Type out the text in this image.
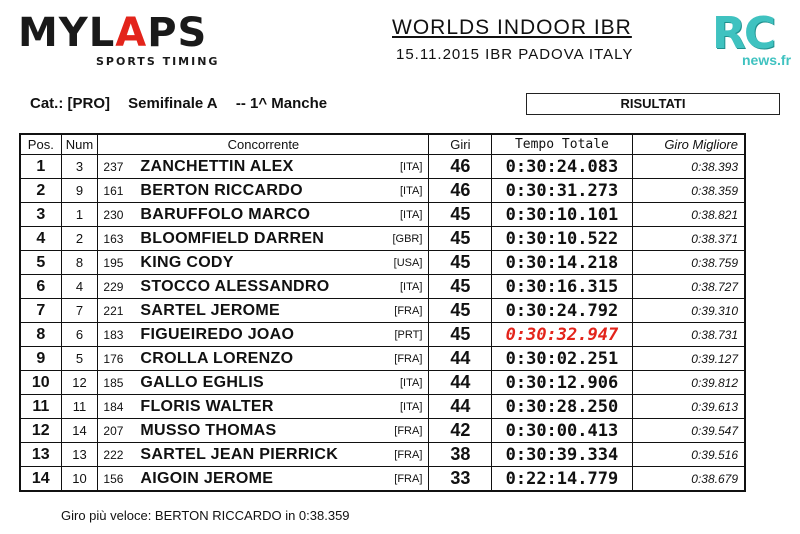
MYLAPS
SPORTS TIMING
WORLDS INDOOR IBR
15.11.2015 IBR PADOVA ITALY RC
news.fr
Cat.: [PRO] Semifinale A -- 1^ Manche	RISULTATI
Pos.	Num	Concorrente	Giri	Tempo Totale	Giro Migliore
1	3	237 ZANCHETTIN ALEX [ITA]	46	0:30:24.083	0:38.393
2	9	161 BERTON RICCARDO [ITA]	46	0:30:31.273	0:38.359
3	1	230 BARUFFOLO MARCO [ITA]	45	0:30:10.101	0:38.821
4	2	163 BLOOMFIELD DARREN [GBR]	45	0:30:10.522	0:38.371
5	8	195 KING CODY [USA]	45	0:30:14.218	0:38.759
6	4	229 STOCCO ALESSANDRO [ITA]	45	0:30:16.315	0:38.727
7	7	221 SARTEL JEROME [FRA]	45	0:30:24.792	0:39.310
8	6	183 FIGUEIREDO JOAO [PRT]	45	0:30:32.947	0:38.731
9	5	176 CROLLA LORENZO [FRA]	44	0:30:02.251	0:39.127
10	12	185 GALLO EGHLIS [ITA]	44	0:30:12.906	0:39.812
11	11	184 FLORIS WALTER [ITA]	44	0:30:28.250	0:39.613
12	14	207 MUSSO THOMAS [FRA]	42	0:30:00.413	0:39.547
13	13	222 SARTEL JEAN PIERRICK [FRA]	38	0:30:39.334	0:39.516
14	10	156 AIGOIN JEROME [FRA]	33	0:22:14.779	0:38.679
Giro più veloce: BERTON RICCARDO in 0:38.359
